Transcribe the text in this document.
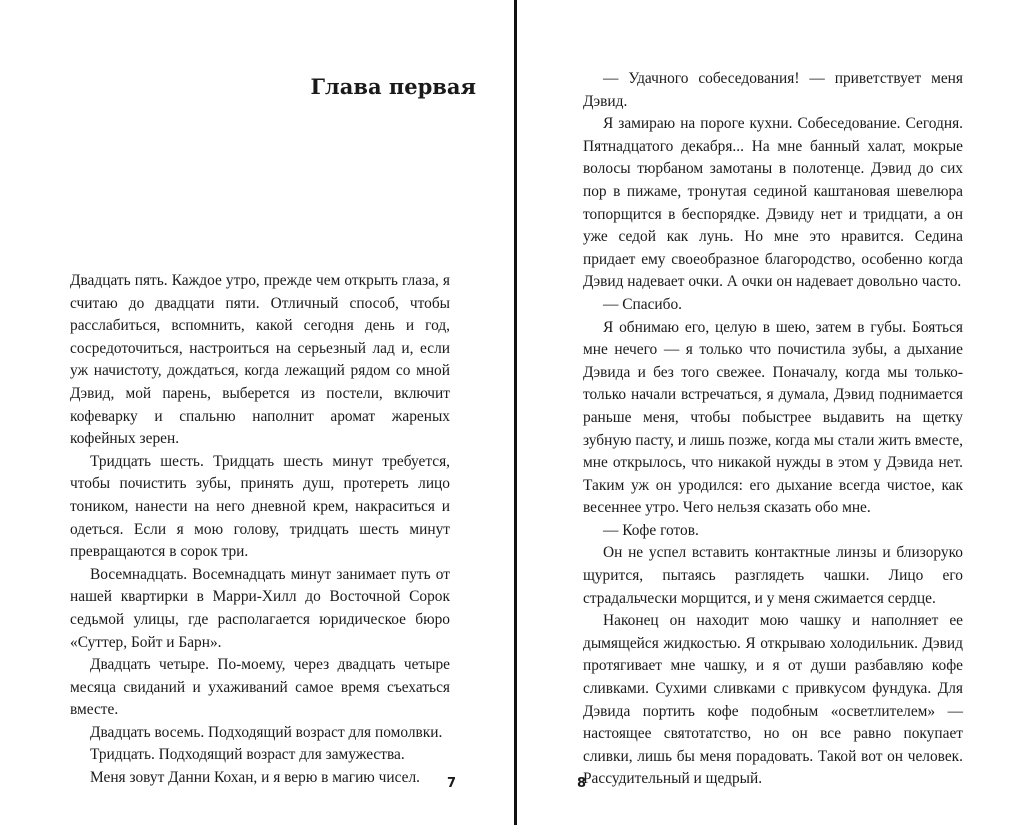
Глава первая

Двадцать пять. Каждое утро, прежде чем открыть глаза, я считаю до двадцати пяти. Отличный способ, чтобы расслабиться, вспомнить, какой сегодня день и год, сосредоточиться, настроиться на серьезный лад и, если уж начистоту, дождаться, когда лежащий рядом со мной Дэвид, мой парень, выберется из постели, включит кофеварку и спальню наполнит аромат жареных кофейных зерен.

Тридцать шесть. Тридцать шесть минут требуется, чтобы почистить зубы, принять душ, протереть лицо тоником, нанести на него дневной крем, накраситься и одеться. Если я мою голову, тридцать шесть минут превращаются в сорок три.

Восемнадцать. Восемнадцать минут занимает путь от нашей квартирки в Марри-Хилл до Восточной Сорок седьмой улицы, где располагается юридическое бюро «Суттер, Бойт и Барн».

Двадцать четыре. По-моему, через двадцать четыре месяца свиданий и ухаживаний самое время съехаться вместе.

Двадцать восемь. Подходящий возраст для помолвки.

Тридцать. Подходящий возраст для замужества.

Меня зовут Данни Кохан, и я верю в магию чисел.	7

— Удачного собеседования! — приветствует меня Дэвид.

Я замираю на пороге кухни. Собеседование. Сегодня. Пятнадцатого декабря... На мне банный халат, мокрые волосы тюрбаном замотаны в полотенце. Дэвид до сих пор в пижаме, тронутая сединой каштановая шевелюра топорщится в беспорядке. Дэвиду нет и тридцати, а он уже седой как лунь. Но мне это нравится. Седина придает ему своеобразное благородство, особенно когда Дэвид надевает очки. А очки он надевает довольно часто.

— Спасибо.

Я обнимаю его, целую в шею, затем в губы. Бояться мне нечего — я только что почистила зубы, а дыхание Дэвида и без того свежее. Поначалу, когда мы только-только начали встречаться, я думала, Дэвид поднимается раньше меня, чтобы побыстрее выдавить на щетку зубную пасту, и лишь позже, когда мы стали жить вместе, мне открылось, что никакой нужды в этом у Дэвида нет. Таким уж он уродился: его дыхание всегда чистое, как весеннее утро. Чего нельзя сказать обо мне.

— Кофе готов.

Он не успел вставить контактные линзы и близоруко щурится, пытаясь разглядеть чашки. Лицо его страдальчески морщится, и у меня сжимается сердце.

Наконец он находит мою чашку и наполняет ее дымящейся жидкостью. Я открываю холодильник. Дэвид протягивает мне чашку, и я от души разбавляю кофе сливками. Сухими сливками с привкусом фундука. Для Дэвида портить кофе подобным «осветлителем» — настоящее святотатство, но он все равно покупает сливки, лишь бы меня порадовать. Такой вот он человек. Рассудительный и щедрый.

8
